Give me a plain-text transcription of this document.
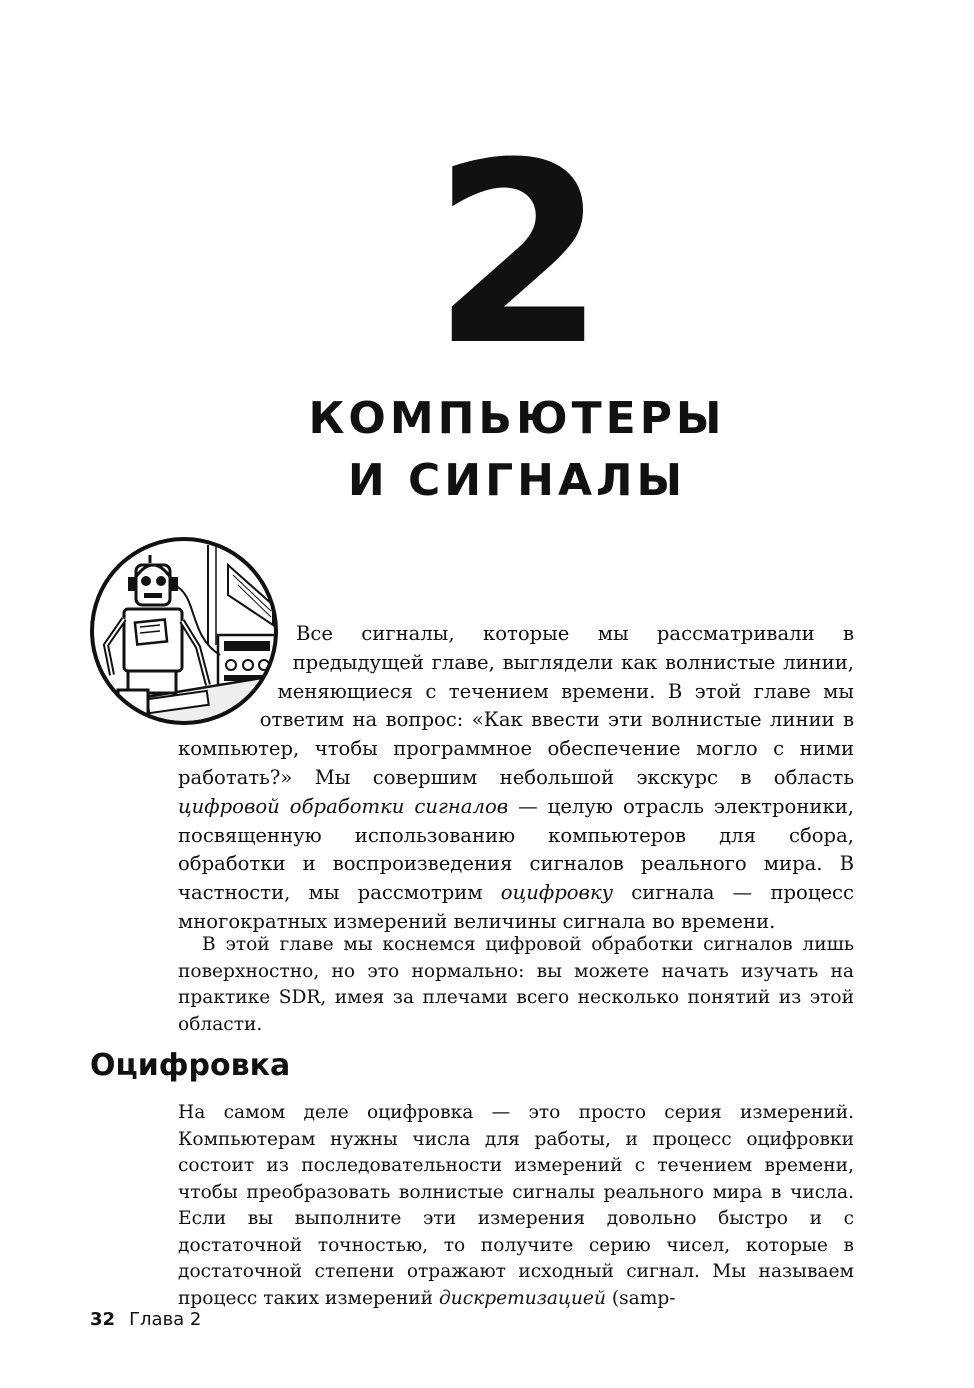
2
КОМПЬЮТЕРЫ
И СИГНАЛЫ

Все сигналы, которые мы рассматривали в предыдущей главе, выглядели как волнистые линии, меняющиеся с течением времени. В этой главе мы ответим на вопрос: «Как ввести эти волнистые линии в компьютер, чтобы программное обеспечение могло с ними работать?» Мы совершим небольшой экскурс в область цифровой обработки сигналов — целую отрасль электроники, посвященную использованию компьютеров для сбора, обработки и воспроизведения сигналов реального мира. В частности, мы рассмотрим оцифровку сигнала — процесс многократных измерений величины сигнала во времени.

В этой главе мы коснемся цифровой обработки сигналов лишь поверхностно, но это нормально: вы можете начать изучать на практике SDR, имея за плечами всего несколько понятий из этой области.

Оцифровка

На самом деле оцифровка — это просто серия измерений. Компьютерам нужны числа для работы, и процесс оцифровки состоит из последовательности измерений с течением времени, чтобы преобразовать волнистые сигналы реального мира в числа. Если вы выполните эти измерения довольно быстро и с достаточной точностью, то получите серию чисел, которые в достаточной степени отражают исходный сигнал. Мы называем процесс таких измерений дискретизацией (samp-

32 Глава 2
